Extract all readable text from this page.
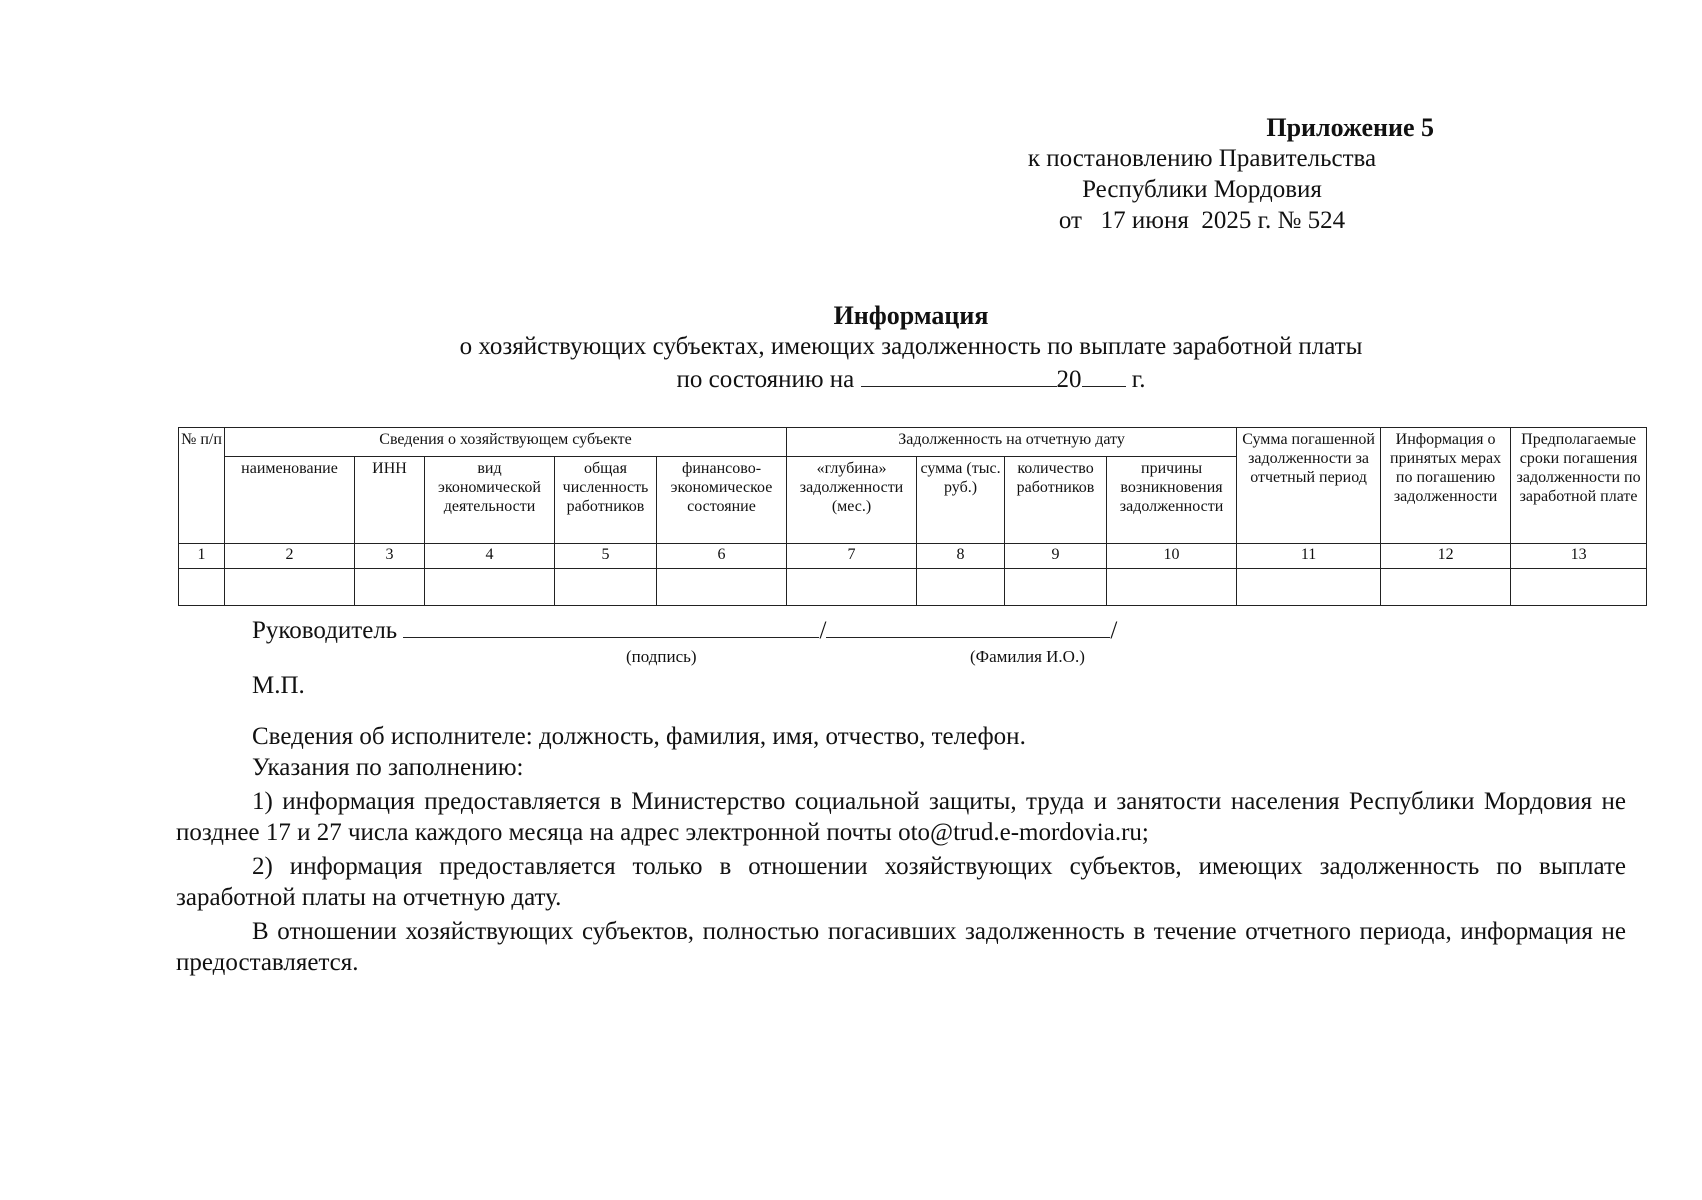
Приложение 5
к постановлению Правительства
Республики Мордовия
от   17 июня  2025 г. № 524
Информация
о хозяйствующих субъектах, имеющих задолженность по выплате заработной платы
по состоянию на	20 г.
№ п/п	Сведения о хозяйствующем субъекте					Задолженность на отчетную дату				Сумма погашенной задолженности за отчетный период	Информация о принятых мерах по погашению задолженности	Предполагаемые сроки погашения задолженности по заработной плате
	наименование	ИНН	вид экономической деятельности	общая численность работников	финансово-экономическое состояние	«глубина» задолженности (мес.)	сумма (тыс. руб.)	количество работников	причины возникновения задолженности			
1	2	3	4	5	6	7	8	9	10	11	12	13

Руководитель	/	/
(подпись)	(Фамилия И.О.)
М.П.

Сведения об исполнителе: должность, фамилия, имя, отчество, телефон.

Указания по заполнению:

1) информация предоставляется в Министерство социальной защиты, труда и занятости населения Республики Мордовия не позднее 17 и 27 числа каждого месяца на адрес электронной почты oto@trud.e-mordovia.ru;

2) информация предоставляется только в отношении хозяйствующих субъектов, имеющих задолженность по выплате заработной платы на отчетную дату.

В отношении хозяйствующих субъектов, полностью погасивших задолженность в течение отчетного периода, информация не предоставляется.
